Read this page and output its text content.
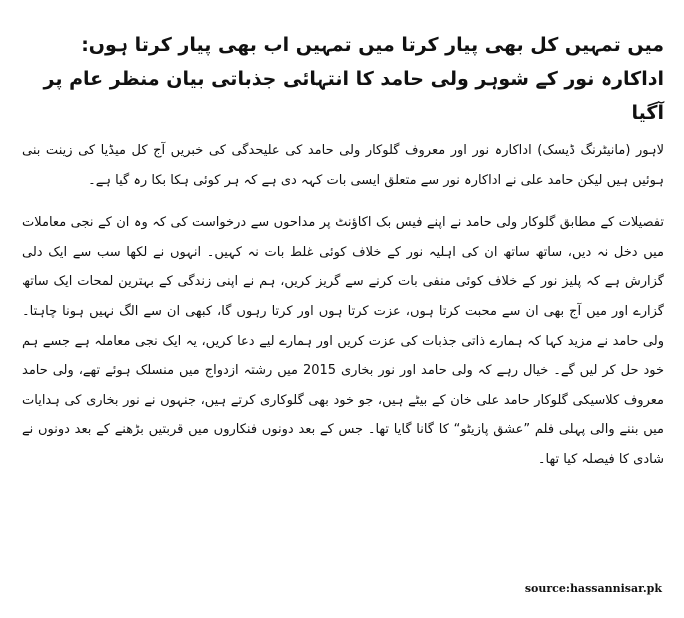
میں تمہیں کل بھی پیار کرتا میں تمہیں اب بھی پیار کرتا ہوں: اداکارہ نور کے شوہر ولی حامد کا انتہائی جذباتی بیان منظر عام پر آگیا

لاہور (مانیٹرنگ ڈیسک) اداکارہ نور اور معروف گلوکار ولی حامد کی علیحدگی کی خبریں آج کل میڈیا کی زینت بنی ہوئیں ہیں لیکن حامد علی نے اداکارہ نور سے متعلق ایسی بات کہہ دی ہے کہ ہر کوئی ہکا بکا رہ گیا ہے۔

تفصیلات کے مطابق گلوکار ولی حامد نے اپنے فیس بک اکاؤنٹ پر مداحوں سے درخواست کی کہ وہ ان کے نجی معاملات میں دخل نہ دیں، ساتھ ساتھ ان کی اہلیہ نور کے خلاف کوئی غلط بات نہ کہیں۔ انہوں نے لکھا سب سے ایک دلی گزارش ہے کہ پلیز نور کے خلاف کوئی منفی بات کرنے سے گریز کریں، ہم نے اپنی زندگی کے بہترین لمحات ایک ساتھ گزارے اور میں آج بھی ان سے محبت کرتا ہوں، عزت کرتا ہوں اور کرتا رہوں گا، کبھی ان سے الگ نہیں ہونا چاہتا۔ ولی حامد نے مزید کہا کہ ہمارے ذاتی جذبات کی عزت کریں اور ہمارے لیے دعا کریں، یہ ایک نجی معاملہ ہے جسے ہم خود حل کر لیں گے۔ خیال رہے کہ ولی حامد اور نور بخاری 2015 میں رشتہ ازدواج میں منسلک ہوئے تھے، ولی حامد معروف کلاسیکی گلوکار حامد علی خان کے بیٹے ہیں، جو خود بھی گلوکاری کرتے ہیں، جنہوں نے نور بخاری کی ہدایات میں بننے والی پہلی فلم ”عشق پازیٹو“ کا گانا گایا تھا۔ جس کے بعد دونوں فنکاروں میں قربتیں بڑھنے کے بعد دونوں نے شادی کا فیصلہ کیا تھا۔

source:hassannisar.pk
